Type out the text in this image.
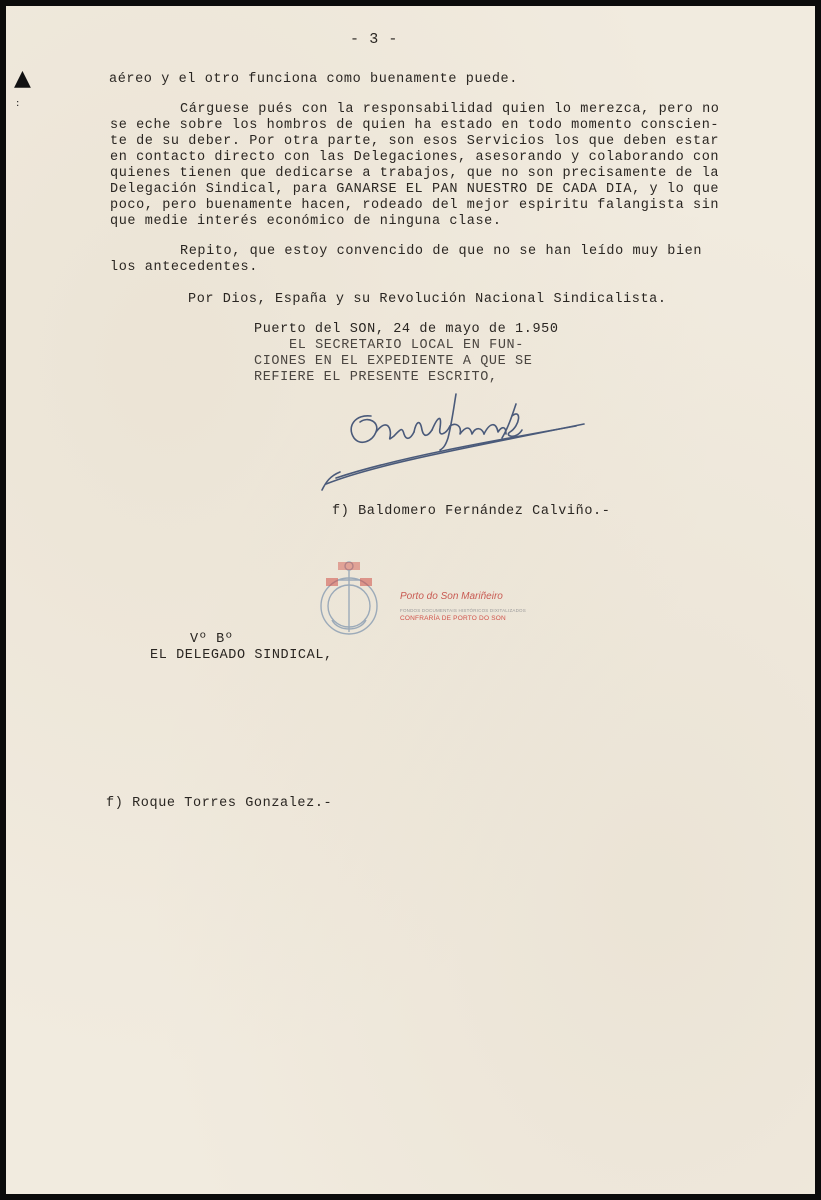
▲
:

- 3 -

aéreo y el otro funciona como buenamente puede.

Cárguese pués con la responsabilidad quien lo merezca, pero no

se eche sobre los hombros de quien ha estado en todo momento conscien-

te de su deber. Por otra parte, son esos Servicios los que deben estar

en contacto directo con las Delegaciones, asesorando y colaborando con

quienes tienen que dedicarse a trabajos, que no son precisamente de la

Delegación Sindical, para GANARSE EL PAN NUESTRO DE CADA DIA, y lo que

poco, pero buenamente hacen, rodeado del mejor espiritu falangista sin

que medie interés económico de ninguna clase.

Repito, que estoy convencido de que no se han leído muy bien

los antecedentes.

Por Dios, España y su Revolución Nacional Sindicalista.

Puerto del SON, 24 de mayo de 1.950

EL SECRETARIO LOCAL EN FUN-

CIONES EN EL EXPEDIENTE A QUE SE

REFIERE EL PRESENTE ESCRITO,

f) Baldomero Fernández Calviño.-

Porto do Son Mariñeiro
FONDOS DOCUMENTAIS HISTÓRICOS DIXITALIZADOS
CONFRARÍA DE PORTO DO SON

Vº Bº

EL DELEGADO SINDICAL,

f) Roque Torres Gonzalez.-
